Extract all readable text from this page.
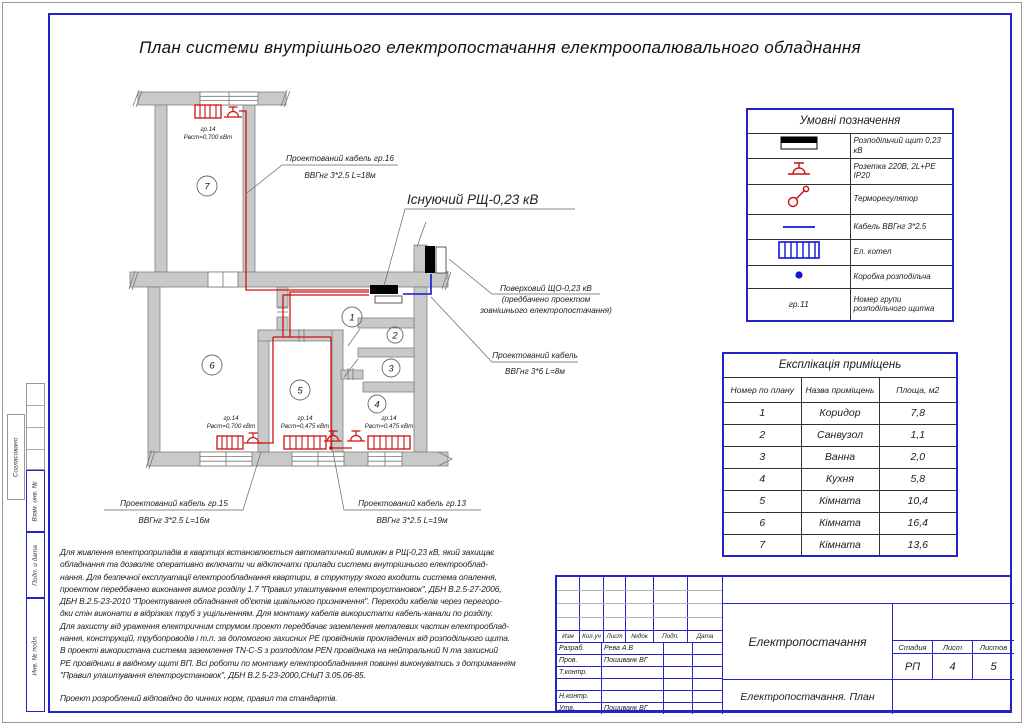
Согласовано
Взам. инв. №
Подп. и дата
Инв. № подл.
План системи внутрішнього електропостачання електроопалювального обладнання
1
2
3
4
5
6
7
гр.14
Рвст=0,700 кВт
гр.14
Рвст=0,700 кВт
гр.14
Рвст=0,475 кВт
гр.14
Рвст=0,475 кВт
Існуючий РЩ-0,23 кВ
Поверховий ЩО-0,23 кВ
(предбачено проектом
зовнішнього електропостачання)
Проектований кабель
ВВГнг 3*6 L=8м
Проектований кабель гр.16
ВВГнг 3*2.5 L=18м
Проектований кабель гр.15
ВВГнг 3*2.5 L=16м
Проектований кабель гр.13
ВВГнг 3*2.5 L=19м
Умовні позначення	
	Розподільчий щит 0,23 кВ
	Розетка 220В, 2L+PE IP20
	Терморегулятор
	Кабель ВВГнг 3*2.5
	Ел. котел
	Коробка розподільча
гр.11	Номер групи розподільчого щитка
Експлікація приміщень		
Номер по плану	Назва приміщень	Площа, м2
1	Коридор	7,8
2	Санвузол	1,1
3	Ванна	2,0
4	Кухня	5,8
5	Кімната	10,4
6	Кімната	16,4
7	Кімната	13,6
Для живлення електроприладів в квартирі встановлюється автоматичний вимикач в РЩ-0,23 кВ, який захищає
обладнання та дозволяє оперативно включати чи відключати прилади системи внутрішнього електрооблад-
нання. Для безпечної експлуатації електрообладнання квартири, в структуру якого входить система опалення,
проектом передбачено виконання вимог розділу 1.7 "Правил улаштування електроустановок", ДБН В.2.5-27-2006,
ДБН В.2.5-23-2010 "Проектування обладнання об'єктів цивільного призначення". Переходи кабелів через перегоро-
дки стін виконати в відрізках труб з ущільненням. Для монтажу кабелів використати кабель-канали по розділу.
Для захисту від ураження електричним струмом проект передбачає заземлення металевих частин електрооблад-
нання, конструкцій, трубопроводів і т.п. за допомогою захисних PE провідників прокладених від розподільчого щита.
В проекті використана система заземлення TN-C-S з розподілом PEN провідника на нейтральний N та захисний
PE провідники в ввідному щиті ВП. Всі роботи по монтажу електрообладнання повинні виконуватись з дотриманням
"Правил улаштування електроустановок", ДБН В.2.5-23-2000,СНиП 3.05.06-85.
Проект розроблений відповідно до чинних норм, правил та стандартів.
Изм	Кол.уч Лист	№док	Подп.	Дата
Разраб.	Рева А.В
Пров.	Пошиванк ВГ
Т.контр.
Н.контр.
Утв.	Пошиванк ВГ
Електропостачання	Стадия	Лист	Листов
РП	4	5
Електропостачання. План
